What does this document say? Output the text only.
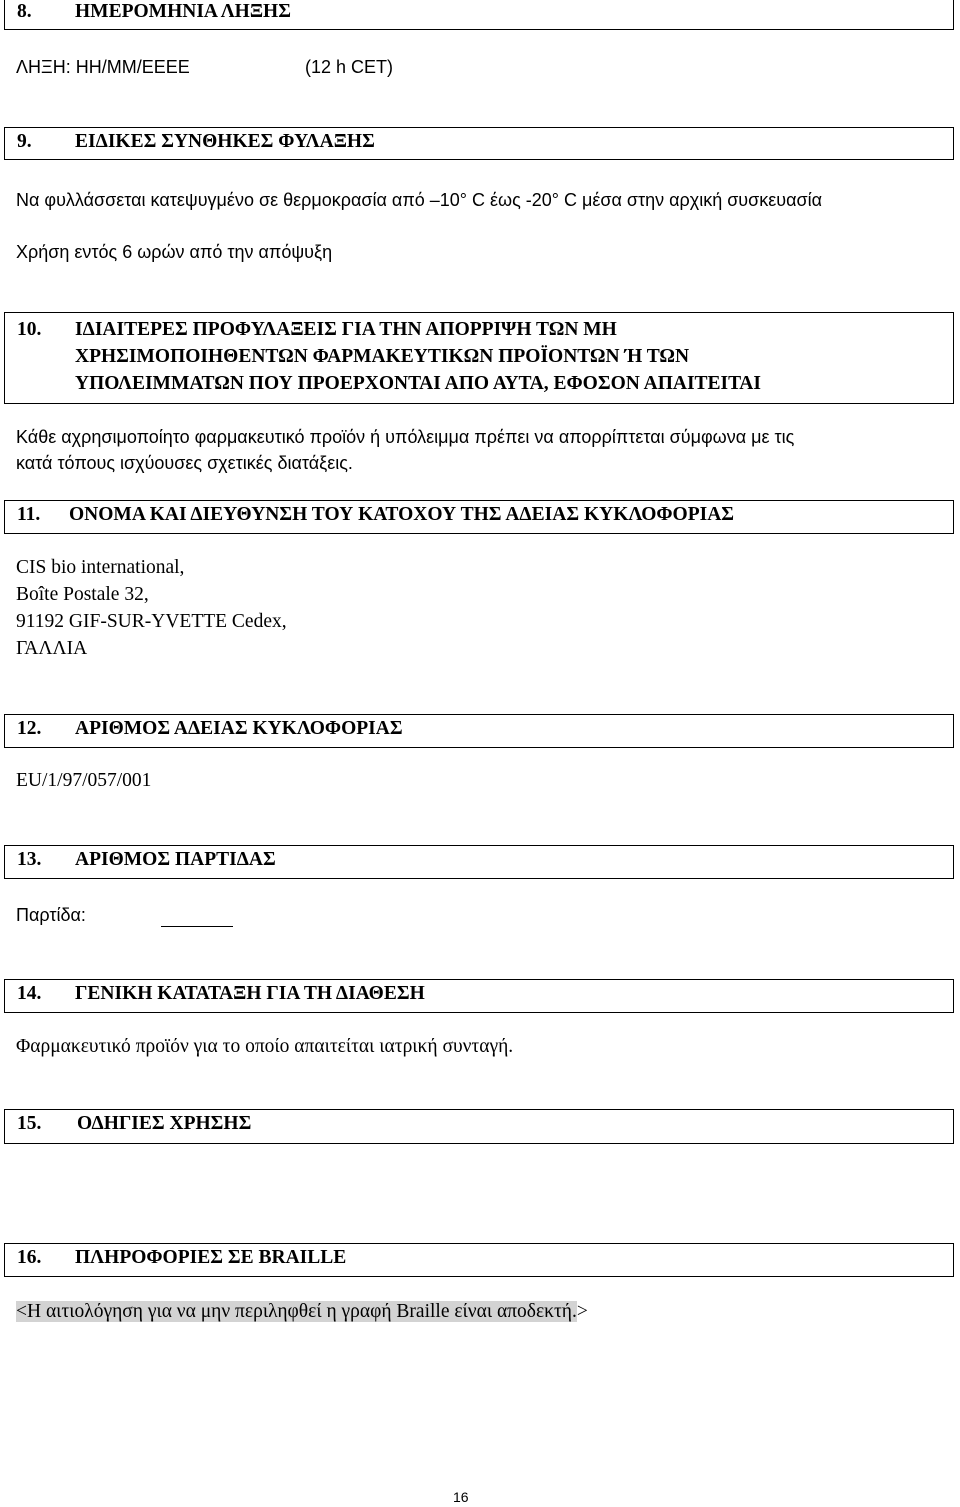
8. ΗΜΕΡΟΜΗΝΙΑ ΛΗΞΗΣ
ΛΗΞΗ: ΗΗ/ΜΜ/ΕΕΕΕ	(12 h CET)
9. ΕΙΔΙΚΕΣ ΣΥΝΘΗΚΕΣ ΦΥΛΑΞΗΣ
Να φυλλάσσεται κατεψυγμένο σε θερμοκρασία από –10° C έως -20° C μέσα στην αρχική συσκευασία
Χρήση εντός 6 ωρών από την απόψυξη
10. ΙΔΙΑΙΤΕΡΕΣ ΠΡΟΦΥΛΑΞΕΙΣ ΓΙΑ ΤΗΝ ΑΠΟΡΡΙΨΗ ΤΩΝ ΜΗ
ΧΡΗΣΙΜΟΠΟΙΗΘΕΝΤΩΝ ΦΑΡΜΑΚΕΥΤΙΚΩΝ ΠΡΟΪΟΝΤΩΝ Ή ΤΩΝ
ΥΠΟΛΕΙΜΜΑΤΩΝ ΠΟΥ ΠΡΟΕΡΧΟΝΤΑΙ ΑΠΟ ΑΥΤΑ, ΕΦΟΣΟΝ ΑΠΑΙΤΕΙΤΑΙ
Κάθε αχρησιμοποίητο φαρμακευτικό προϊόν ή υπόλειμμα πρέπει να απορρίπτεται σύμφωνα με τις
κατά τόπους ισχύουσες σχετικές διατάξεις.
11. ΟΝΟΜΑ ΚΑΙ ΔΙΕΥΘΥΝΣΗ ΤΟΥ ΚΑΤΟΧΟΥ ΤΗΣ ΑΔΕΙΑΣ ΚΥΚΛΟΦΟΡΙΑΣ
CIS bio international,
Boîte Postale 32,
91192 GIF-SUR-YVETTE Cedex,
ΓΑΛΛΙΑ
12. ΑΡΙΘΜΟΣ ΑΔΕΙΑΣ ΚΥΚΛΟΦΟΡΙΑΣ
EU/1/97/057/001
13. ΑΡΙΘΜΟΣ ΠΑΡΤΙΔΑΣ
Παρτίδα:
14. ΓΕΝΙΚΗ ΚΑΤΑΤΑΞΗ ΓΙΑ ΤΗ ΔΙΑΘΕΣΗ
Φαρμακευτικό προϊόν για το οποίο απαιτείται ιατρική συνταγή.
15. ΟΔΗΓΙΕΣ ΧΡΗΣΗΣ
16. ΠΛΗΡΟΦΟΡΙΕΣ ΣΕ BRAILLE
<Η αιτιολόγηση για να μην περιληφθεί η γραφή Braille είναι αποδεκτή.>
16
